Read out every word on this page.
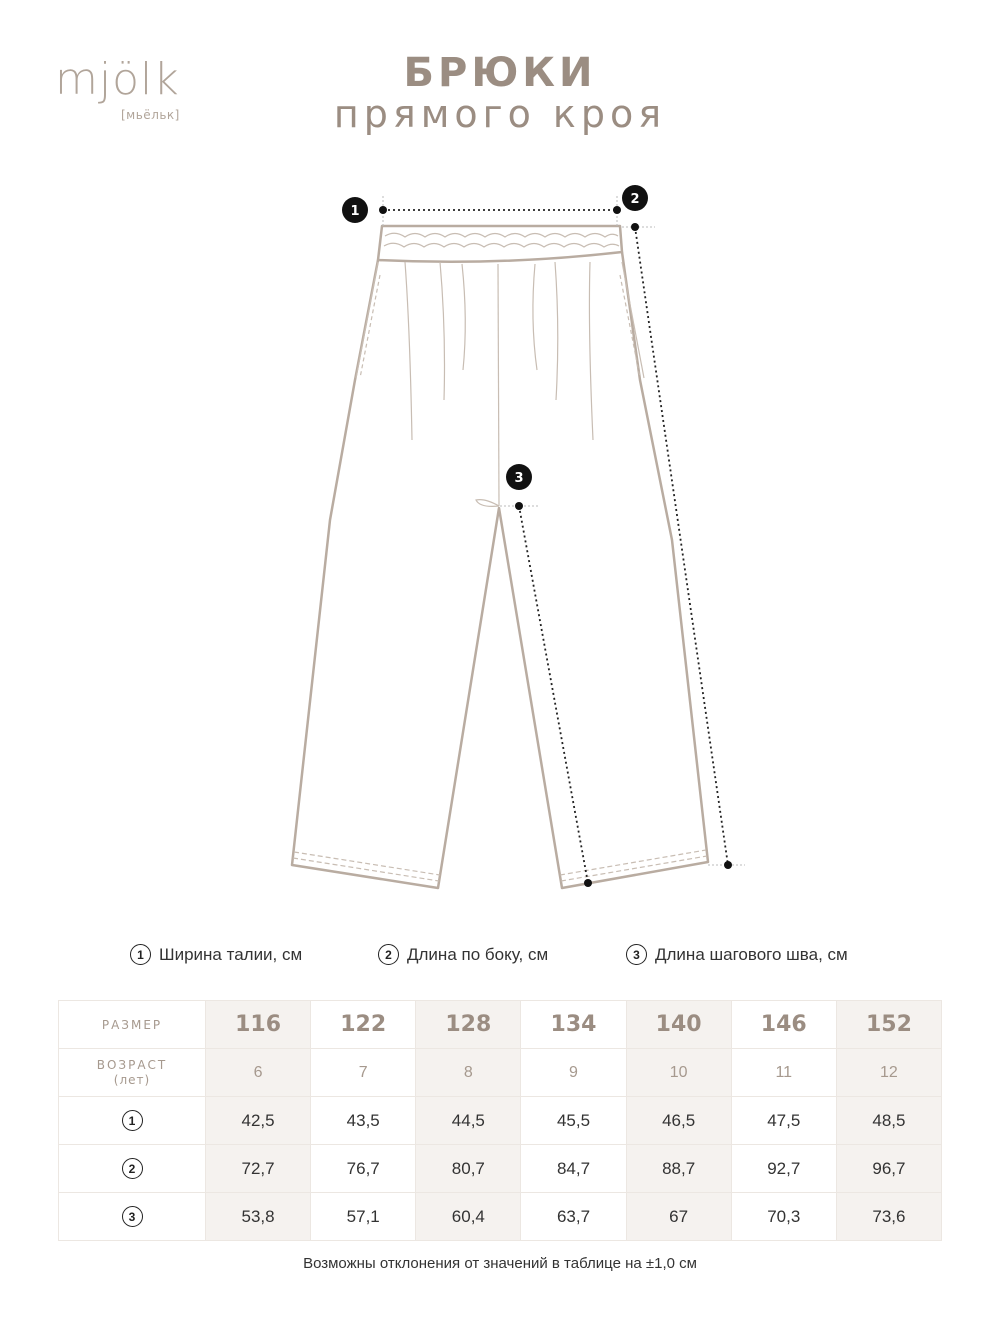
mjölk
[мьёльк]
БРЮКИ
прямого кроя
1
2
3
1 Ширина талии, см	2 Длина по боку, см	3 Длина шагового шва, см
РАЗМЕР	116	122	128	134	140	146	152

ВОЗРАСТ
(лет)	6	7	8	9	10	11	12
1	42,5	43,5	44,5	45,5	46,5	47,5	48,5
2	72,7	76,7	80,7	84,7	88,7	92,7	96,7
3	53,8	57,1	60,4	63,7	67	70,3	73,6
Возможны отклонения от значений в таблице на ±1,0 см
